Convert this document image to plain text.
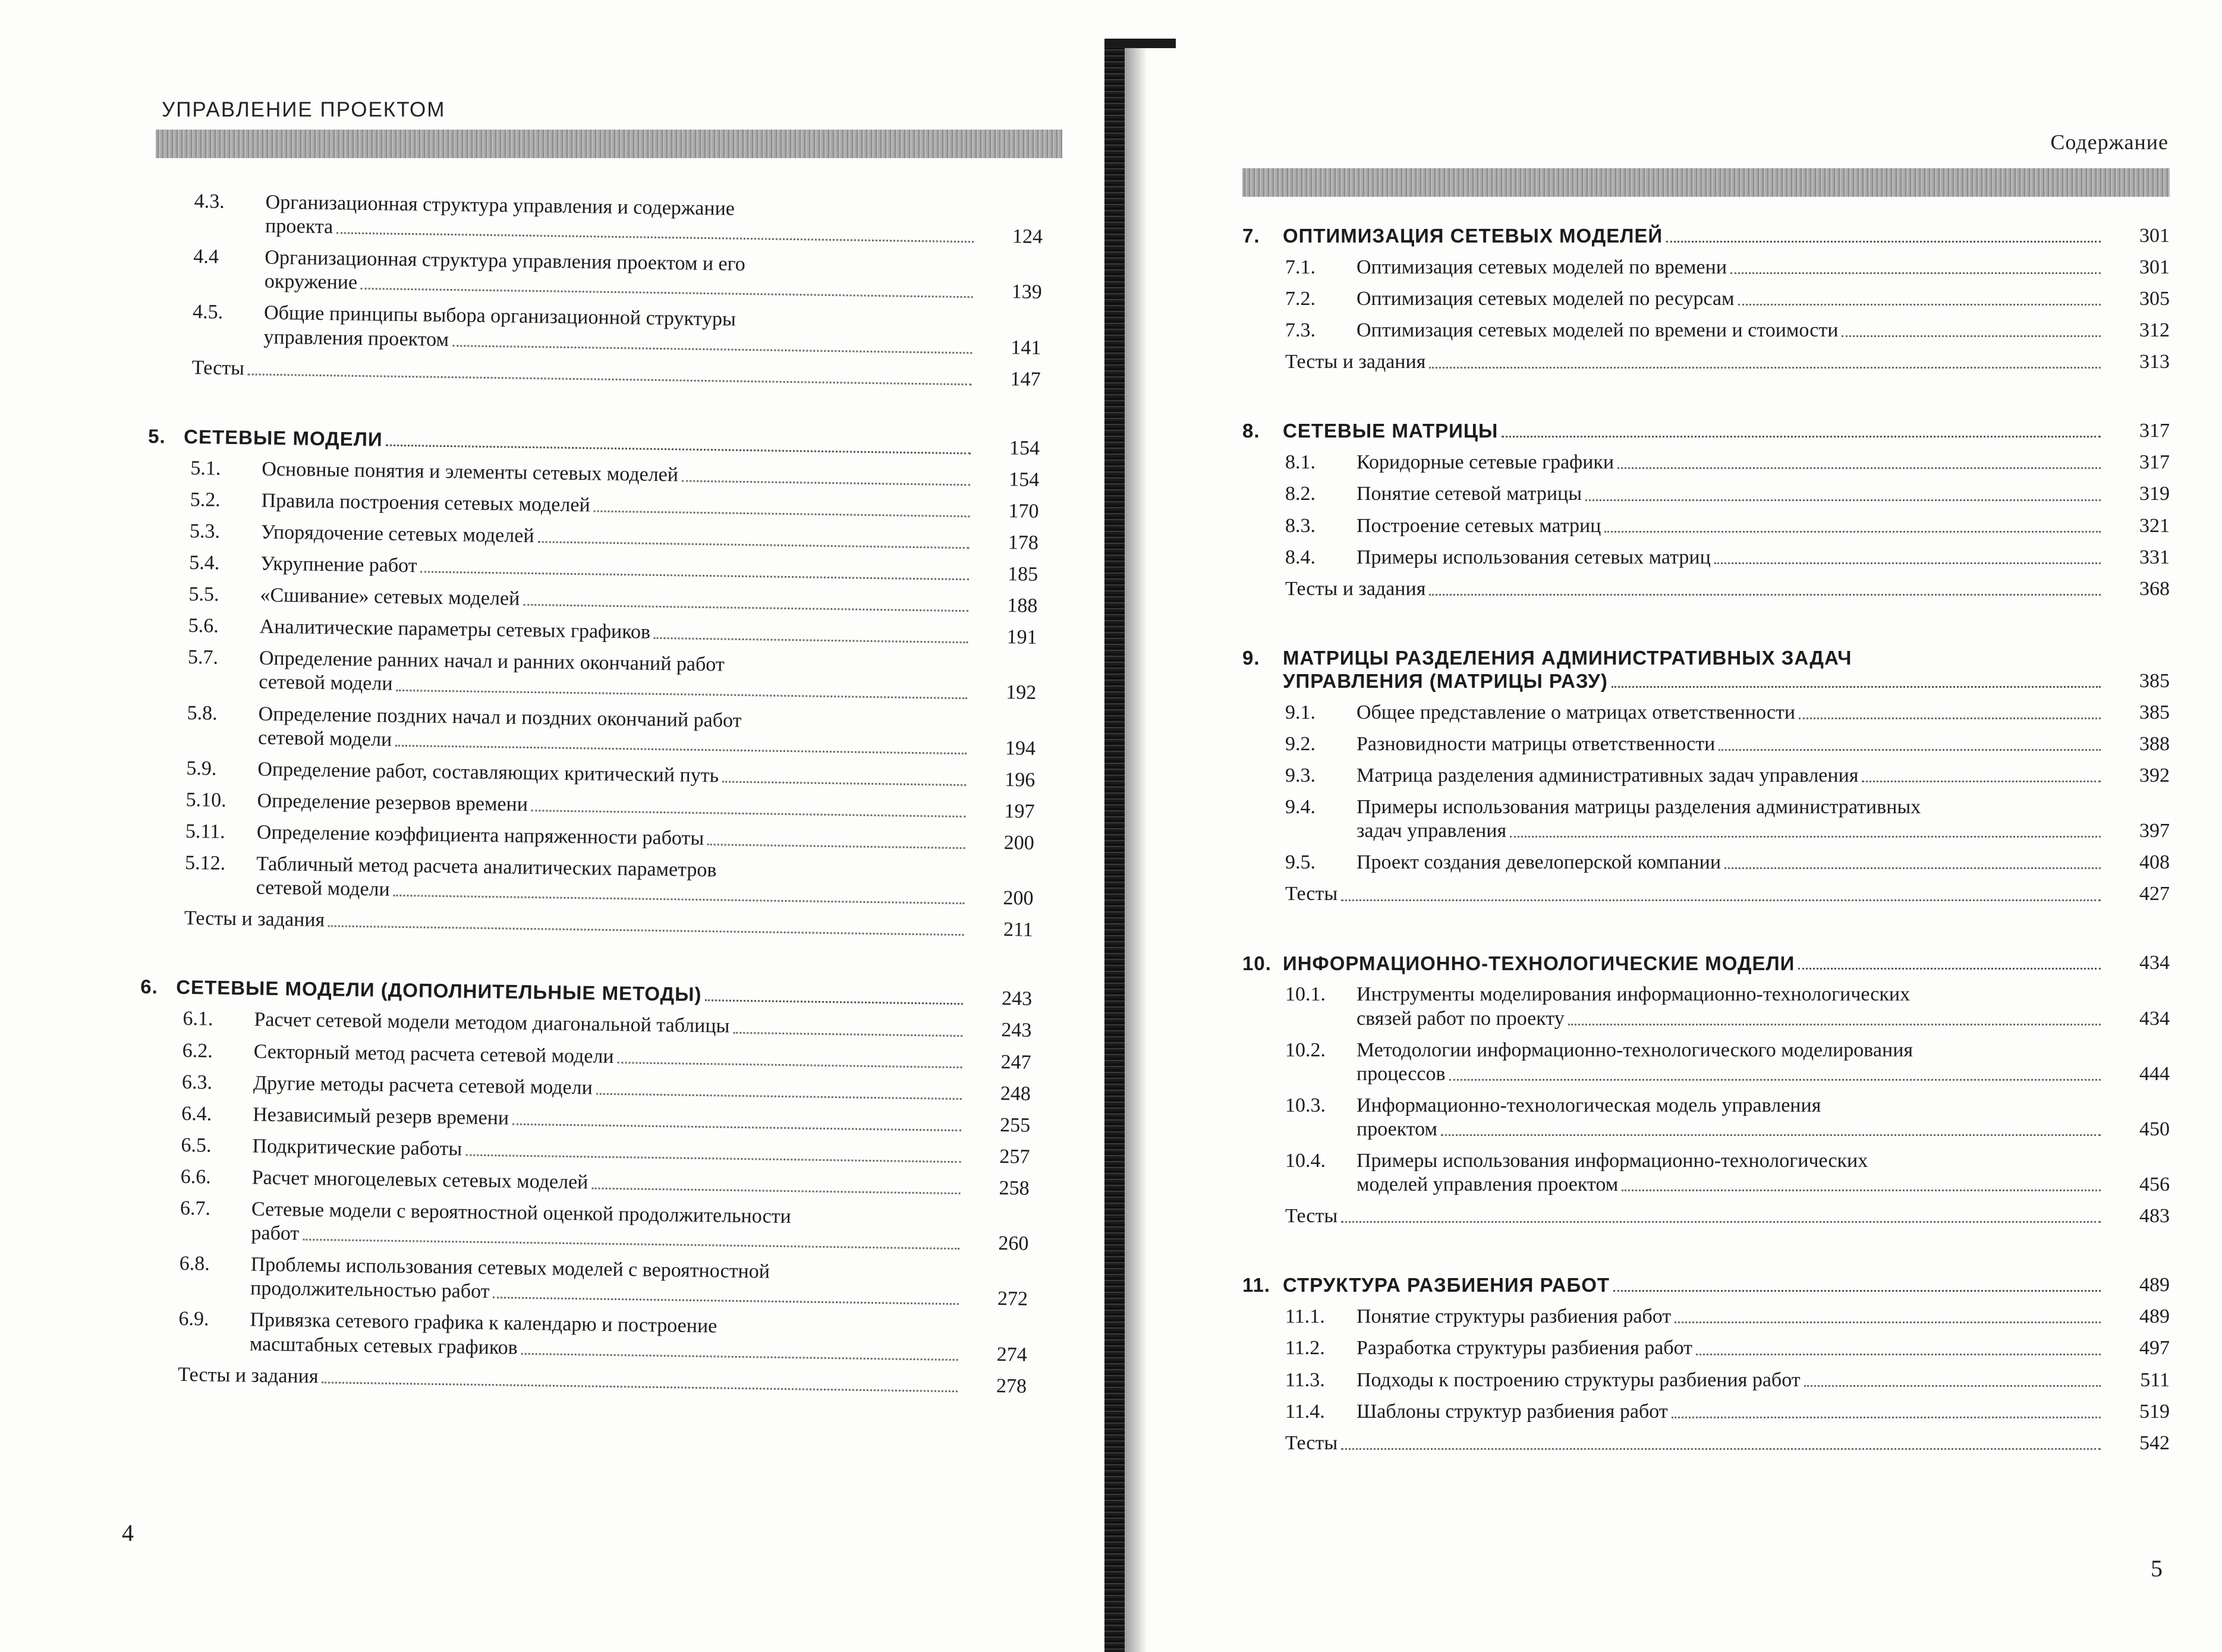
УПРАВЛЕНИЕ ПРОЕКТОМ
4.3.	Организационная структура управления и содержание
проекта	124
4.4	Организационная структура управления проектом и его
окружение	139
4.5.	Общие принципы выбора организационной структуры
управления проектом	141
Тесты	147
5. СЕТЕВЫЕ МОДЕЛИ	154
5.1.	Основные понятия и элементы сетевых моделей	154
5.2.	Правила построения сетевых моделей	170
5.3.	Упорядочение сетевых моделей	178
5.4.	Укрупнение работ	185
5.5.	«Сшивание» сетевых моделей	188
5.6.	Аналитические параметры сетевых графиков	191
5.7.	Определение ранних начал и ранних окончаний работ
сетевой модели	192
5.8.	Определение поздних начал и поздних окончаний работ
сетевой модели	194
5.9.	Определение работ, составляющих критический путь	196
5.10.	Определение резервов времени	197
5.11.	Определение коэффициента напряженности работы	200
5.12.	Табличный метод расчета аналитических параметров
сетевой модели	200
Тесты и задания	211
6. СЕТЕВЫЕ МОДЕЛИ (ДОПОЛНИТЕЛЬНЫЕ МЕТОДЫ)	243
6.1.	Расчет сетевой модели методом диагональной таблицы	243
6.2.	Секторный метод расчета сетевой модели	247
6.3.	Другие методы расчета сетевой модели	248
6.4.	Независимый резерв времени	255
6.5.	Подкритические работы	257
6.6.	Расчет многоцелевых сетевых моделей	258
6.7.	Сетевые модели с вероятностной оценкой продолжительности
работ	260
6.8.	Проблемы использования сетевых моделей с вероятностной
продолжительностью работ	272
6.9.	Привязка сетевого графика к календарю и построение
масштабных сетевых графиков	274
Тесты и задания	278
4
Содержание
7.	ОПТИМИЗАЦИЯ СЕТЕВЫХ МОДЕЛЕЙ	301
7.1.	Оптимизация сетевых моделей по времени	301
7.2.	Оптимизация сетевых моделей по ресурсам	305
7.3.	Оптимизация сетевых моделей по времени и стоимости	312
Тесты и задания	313
8.	СЕТЕВЫЕ МАТРИЦЫ	317
8.1.	Коридорные сетевые графики	317
8.2.	Понятие сетевой матрицы	319
8.3.	Построение сетевых матриц	321
8.4.	Примеры использования сетевых матриц	331
Тесты и задания	368
9.	МАТРИЦЫ РАЗДЕЛЕНИЯ АДМИНИСТРАТИВНЫХ ЗАДАЧ
УПРАВЛЕНИЯ (МАТРИЦЫ РАЗУ)	385
9.1.	Общее представление о матрицах ответственности	385
9.2.	Разновидности матрицы ответственности	388
9.3.	Матрица разделения административных задач управления	392
9.4.	Примеры использования матрицы разделения административных
задач управления	397
9.5.	Проект создания девелоперской компании	408
Тесты	427
10. ИНФОРМАЦИОННО-ТЕХНОЛОГИЧЕСКИЕ МОДЕЛИ	434
10.1.	Инструменты моделирования информационно-технологических
связей работ по проекту	434
10.2.	Методологии информационно-технологического моделирования
процессов	444
10.3.	Информационно-технологическая модель управления
проектом	450
10.4.	Примеры использования информационно-технологических
моделей управления проектом	456
Тесты	483
11. СТРУКТУРА РАЗБИЕНИЯ РАБОТ	489
11.1.	Понятие структуры разбиения работ	489
11.2.	Разработка структуры разбиения работ	497
11.3.	Подходы к построению структуры разбиения работ	511
11.4.	Шаблоны структур разбиения работ	519
Тесты	542
5
